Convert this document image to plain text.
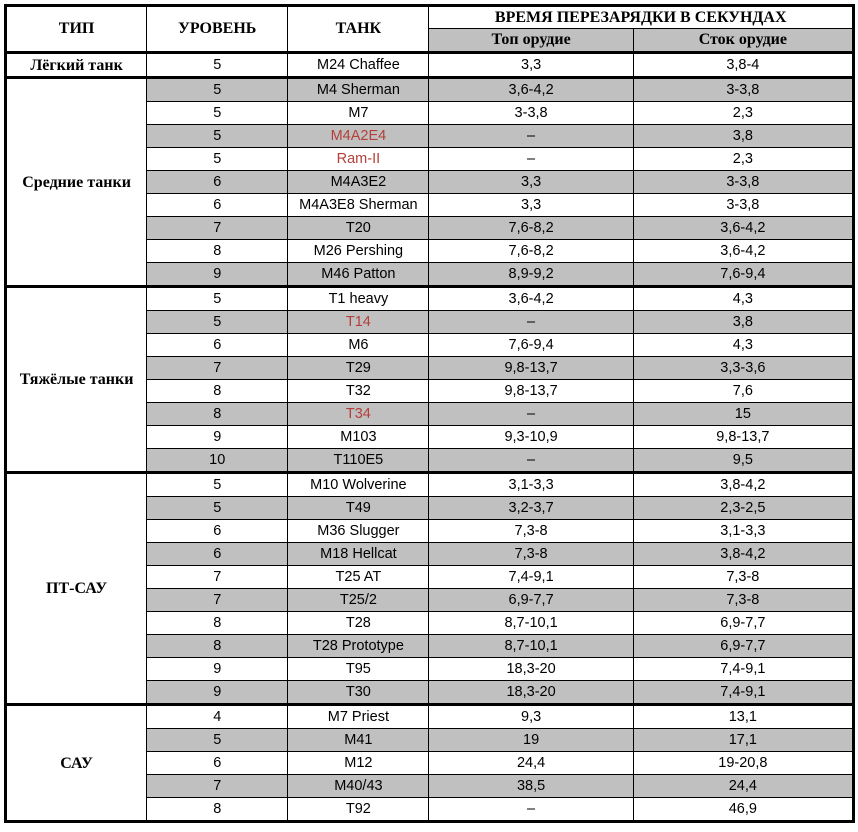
ТИП	УРОВЕНЬ	ТАНК	ВРЕМЯ ПЕРЕЗАРЯДКИ В СЕКУНДАХ	
			Топ орудие	Сток орудие
Лёгкий танк	5	M24 Chaffee	3,3	3,8-4
Средние танки	5	M4 Sherman	3,6-4,2	3-3,8
	5	M7	3-3,8	2,3
	5	M4A2E4	–	3,8
	5	Ram-II	–	2,3
	6	M4A3E2	3,3	3-3,8
	6	M4A3E8 Sherman	3,3	3-3,8
	7	T20	7,6-8,2	3,6-4,2
	8	M26 Pershing	7,6-8,2	3,6-4,2
	9	M46 Patton	8,9-9,2	7,6-9,4
Тяжёлые танки	5	T1 heavy	3,6-4,2	4,3
	5	T14	–	3,8
	6	M6	7,6-9,4	4,3
	7	T29	9,8-13,7	3,3-3,6
	8	T32	9,8-13,7	7,6
	8	T34	–	15
	9	M103	9,3-10,9	9,8-13,7
	10	T110E5	–	9,5
ПТ-САУ	5	M10 Wolverine	3,1-3,3	3,8-4,2
	5	T49	3,2-3,7	2,3-2,5
	6	M36 Slugger	7,3-8	3,1-3,3
	6	M18 Hellcat	7,3-8	3,8-4,2
	7	T25 AT	7,4-9,1	7,3-8
	7	T25/2	6,9-7,7	7,3-8
	8	T28	8,7-10,1	6,9-7,7
	8	T28 Prototype	8,7-10,1	6,9-7,7
	9	T95	18,3-20	7,4-9,1
	9	T30	18,3-20	7,4-9,1
САУ	4	M7 Priest	9,3	13,1
	5	M41	19	17,1
	6	M12	24,4	19-20,8
	7	M40/43	38,5	24,4
	8	T92	–	46,9
